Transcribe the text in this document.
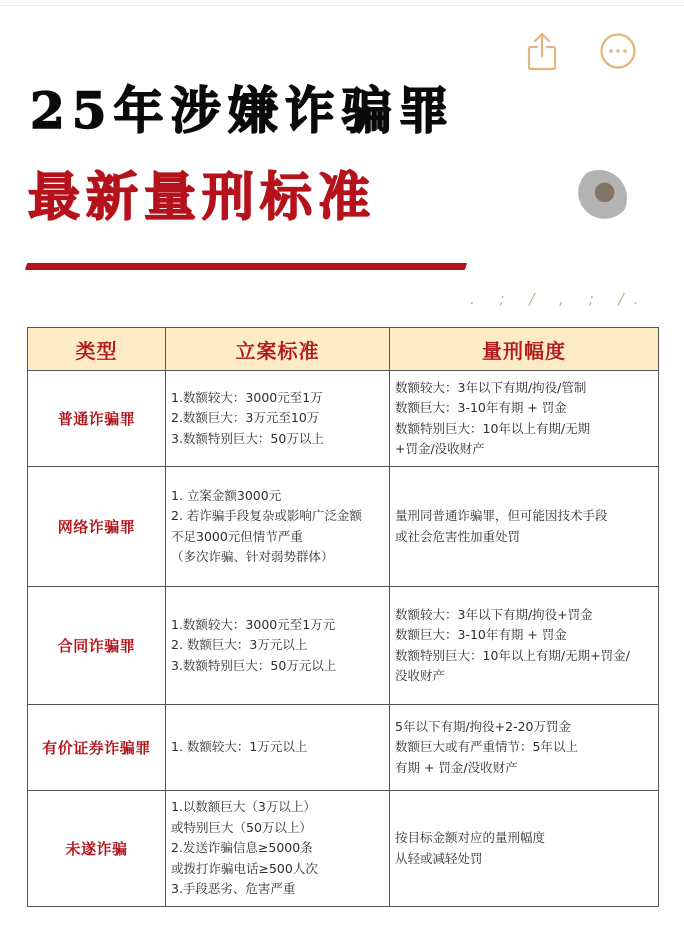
25年涉嫌诈骗罪
最新量刑标准
. ; / , ; /.
类型	立案标准	量刑幅度
普通诈骗罪	1.数额较大：3000元至1万
2.数额巨大：3万元至10万
3.数额特别巨大：50万以上	数额较大：3年以下有期/拘役/管制
数额巨大：3-10年有期 + 罚金
数额特别巨大：10年以上有期/无期
+罚金/没收财产

网络诈骗罪	1. 立案金额3000元
2. 若诈骗手段复杂或影响广泛金额
不足3000元但情节严重
（多次诈骗、针对弱势群体）	量刑同普通诈骗罪，但可能因技术手段
或社会危害性加重处罚

合同诈骗罪	1.数额较大：3000元至1万元
2. 数额巨大：3万元以上
3.数额特别巨大：50万元以上	数额较大：3年以下有期/拘役+罚金
数额巨大：3-10年有期 + 罚金
数额特别巨大：10年以上有期/无期+罚金/
没收财产

有价证券诈骗罪	1. 数额较大：1万元以上	5年以下有期/拘役+2-20万罚金
数额巨大或有严重情节：5年以上
有期 + 罚金/没收财产

未遂诈骗	1.以数额巨大（3万以上）
或特别巨大（50万以上）
2.发送诈骗信息≥5000条
或拨打诈骗电话≥500人次
3.手段恶劣、危害严重	按目标金额对应的量刑幅度
从轻或减轻处罚
